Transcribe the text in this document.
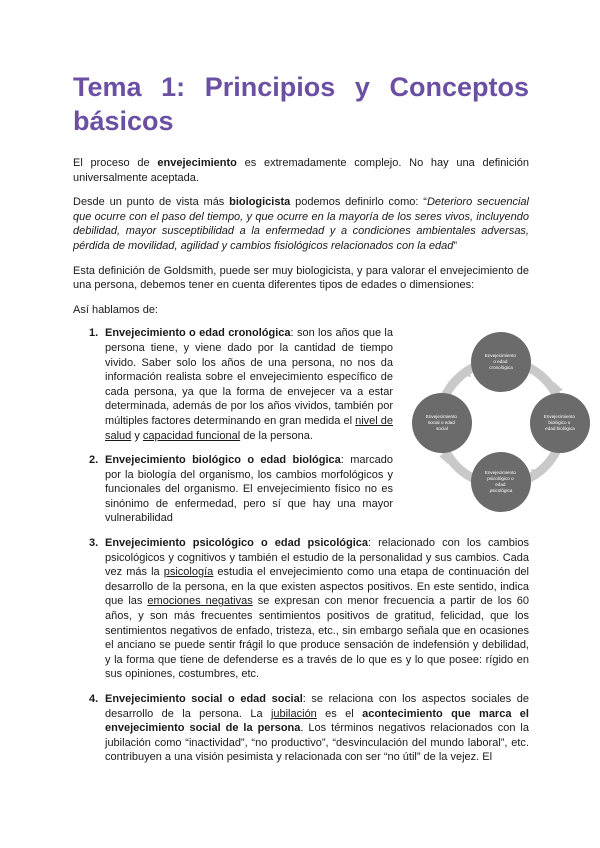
Tema 1: Principios y Conceptos
básicos

El proceso de envejecimiento es extremadamente complejo. No hay una definición universalmente aceptada.

Desde un punto de vista más biologicista podemos definirlo como: “Deterioro secuencial que ocurre con el paso del tiempo, y que ocurre en la mayoría de los seres vivos, incluyendo debilidad, mayor susceptibilidad a la enfermedad y a condiciones ambientales adversas, pérdida de movilidad, agilidad y cambios fisiológicos relacionados con la edad”

Esta definición de Goldsmith, puede ser muy biologicista, y para valorar el envejecimiento de una persona, debemos tener en cuenta diferentes tipos de edades o dimensiones:

Así hablamos de:

1. Envejecimiento o edad cronológica: son los años que la persona tiene, y viene dado por la cantidad de tiempo vivido. Saber solo los años de una persona, no nos da información realista sobre el envejecimiento específico de cada persona, ya que la forma de envejecer va a estar determinada, además de por los años vividos, también por múltiples factores determinando en gran medida el nivel de salud y capacidad funcional de la persona.
2. Envejecimiento biológico o edad biológica: marcado por la biología del organismo, los cambios morfológicos y funcionales del organismo. El envejecimiento físico no es sinónimo de enfermedad, pero sí que hay una mayor vulnerabilidad
3. Envejecimiento psicológico o edad psicológica: relacionado con los cambios psicológicos y cognitivos y también el estudio de la personalidad y sus cambios. Cada vez más la psicología estudia el envejecimiento como una etapa de continuación del desarrollo de la persona, en la que existen aspectos positivos. En este sentido, indica que las emociones negativas se expresan con menor frecuencia a partir de los 60 años, y son más frecuentes sentimientos positivos de gratitud, felicidad, que los sentimientos negativos de enfado, tristeza, etc., sin embargo señala que en ocasiones el anciano se puede sentir frágil lo que produce sensación de indefensión y debilidad, y la forma que tiene de defenderse es a través de lo que es y lo que posee: rígido en sus opiniones, costumbres, etc.
4. Envejecimiento social o edad social: se relaciona con los aspectos sociales de desarrollo de la persona. La jubilación es el acontecimiento que marca el envejecimiento social de la persona. Los términos negativos relacionados con la jubilación como “inactividad”, “no productivo”, “desvinculación del mundo laboral”, etc. contribuyen a una visión pesimista y relacionada con ser “no útil” de la vejez. El
Envejecimiento o edad cronológica
Envejecimiento biológico o edad biológica
Envejecimiento psicológico o edad psicológica
Envejecimiento social o edad social
